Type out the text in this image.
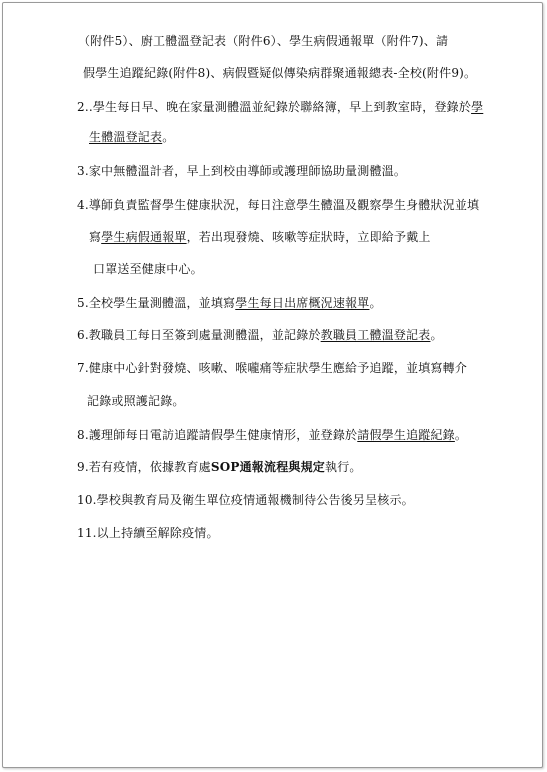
（附件5）、廚工體溫登記表（附件6）、學生病假通報單（附件7)、請
假學生追蹤紀錄(附件8)、病假暨疑似傳染病群聚通報總表-全校(附件9)。
2..學生每日早、晚在家量測體溫並紀錄於聯絡簿，早上到教室時，登錄於學
生體溫登記表。
3.家中無體溫計者，早上到校由導師或護理師協助量測體溫。
4.導師負責監督學生健康狀況，每日注意學生體溫及觀察學生身體狀況並填
寫學生病假通報單，若出現發燒、咳嗽等症狀時，立即給予戴上
口罩送至健康中心。
5.全校學生量測體溫，並填寫學生每日出席概況速報單。
6.教職員工每日至簽到處量測體溫，並記錄於教職員工體溫登記表。
7.健康中心針對發燒、咳嗽、喉嚨痛等症狀學生應給予追蹤，並填寫轉介
記錄或照護記錄。
8.護理師每日電訪追蹤請假學生健康情形，並登錄於請假學生追蹤紀錄。
9.若有疫情，依據教育處SOP通報流程與規定執行。
10.學校與教育局及衛生單位疫情通報機制待公告後另呈核示。
11.以上持續至解除疫情。
